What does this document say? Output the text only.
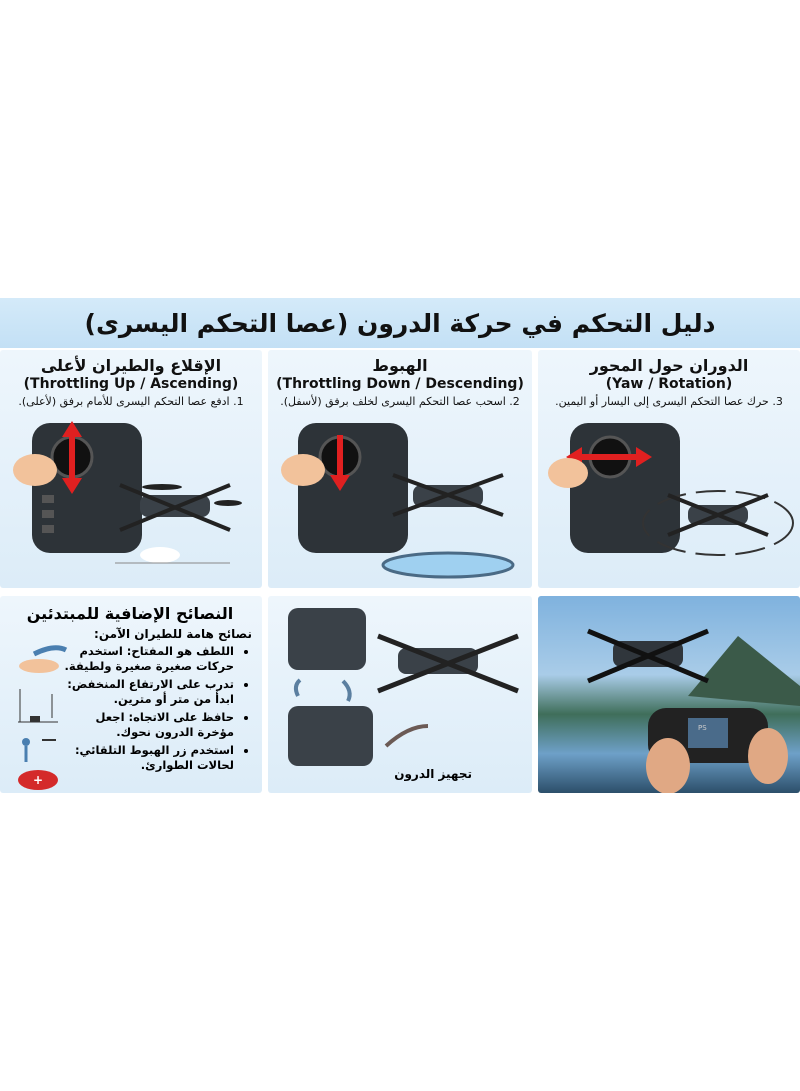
دليل التحكم في حركة الدرون (عصا التحكم اليسرى)
الإقلاع والطيران لأعلى
(Throttling Up / Ascending)
1. ادفع عصا التحكم اليسرى للأمام برفق (لأعلى).
الهبوط
(Throttling Down / Descending)
2. اسحب عصا التحكم اليسرى لخلف برفق (لأسفل).
الدوران حول المحور
(Yaw / Rotation)
3. حرك عصا التحكم اليسرى إلى اليسار أو اليمين.
النصائح الإضافية للمبتدئين
نصائح هامة للطيران الآمن:
• اللطف هو المفتاح: استخدم حركات صغيرة صغيرة ولطيفة.
• تدرب على الارتفاع المنخفض: ابدأ من متر أو مترين.
• حافظ على الاتجاه: اجعل مؤخرة الدرون نحوك.
• استخدم زر الهبوط التلقائي: لحالات الطوارئ.
+	تجهيز الدرون
PS
